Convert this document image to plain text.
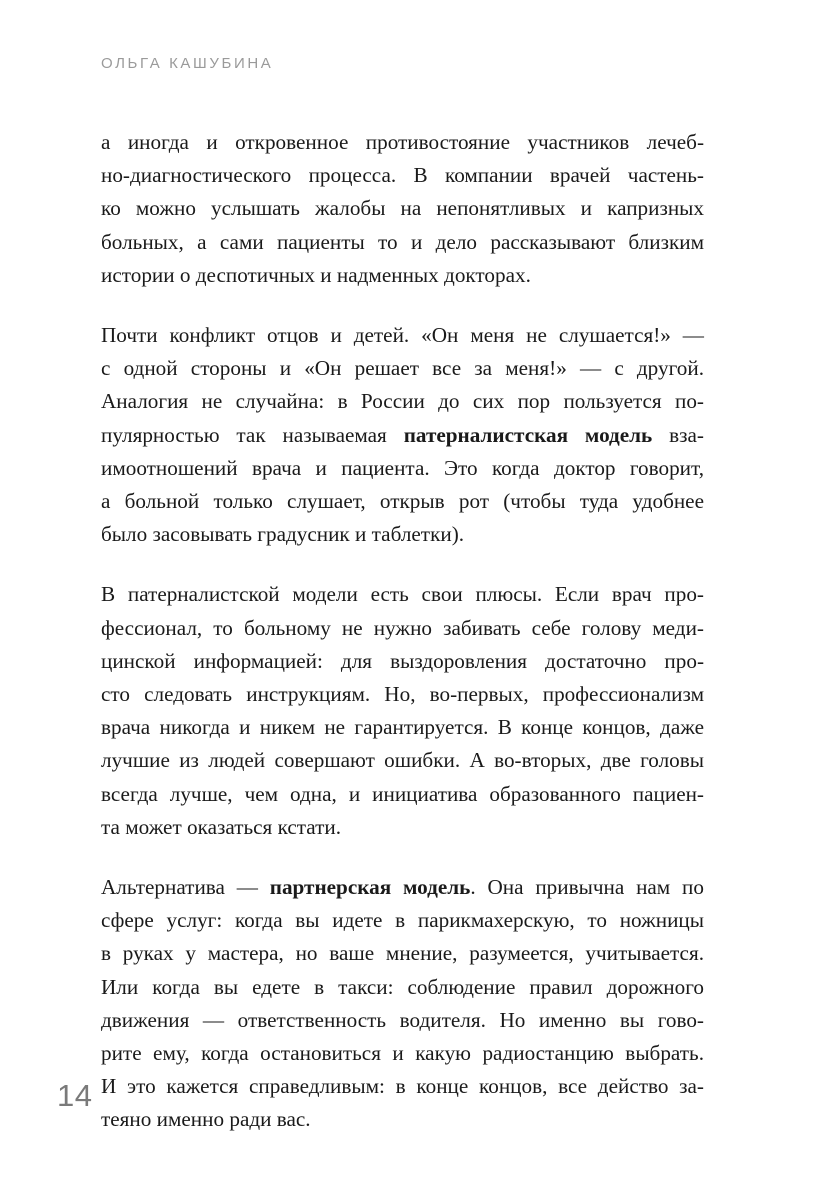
ОЛЬГА КАШУБИНА

а иногда и откровенное противостояние участников лечеб-
но-диагностического процесса. В компании врачей частень-
ко можно услышать жалобы на непонятливых и капризных
больных, а сами пациенты то и дело рассказывают близким
истории о деспотичных и надменных докторах.

Почти конфликт отцов и детей. «Он меня не слушается!» —
с одной стороны и «Он решает все за меня!» — с другой.
Аналогия не случайна: в России до сих пор пользуется по-
пулярностью так называемая патерналистская модель вза-
имоотношений врача и пациента. Это когда доктор говорит,
а больной только слушает, открыв рот (чтобы туда удобнее
было засовывать градусник и таблетки).

В патерналистской модели есть свои плюсы. Если врач про-
фессионал, то больному не нужно забивать себе голову меди-
цинской информацией: для выздоровления достаточно про-
сто следовать инструкциям. Но, во-первых, профессионализм
врача никогда и никем не гарантируется. В конце концов, даже
лучшие из людей совершают ошибки. А во-вторых, две головы
всегда лучше, чем одна, и инициатива образованного пациен-
та может оказаться кстати.

Альтернатива — партнерская модель. Она привычна нам по
сфере услуг: когда вы идете в парикмахерскую, то ножницы
в руках у мастера, но ваше мнение, разумеется, учитывается.
Или когда вы едете в такси: соблюдение правил дорожного
движения — ответственность водителя. Но именно вы гово-
рите ему, когда остановиться и какую радиостанцию выбрать.
И это кажется справедливым: в конце концов, все действо за-
теяно именно ради вас.

14
